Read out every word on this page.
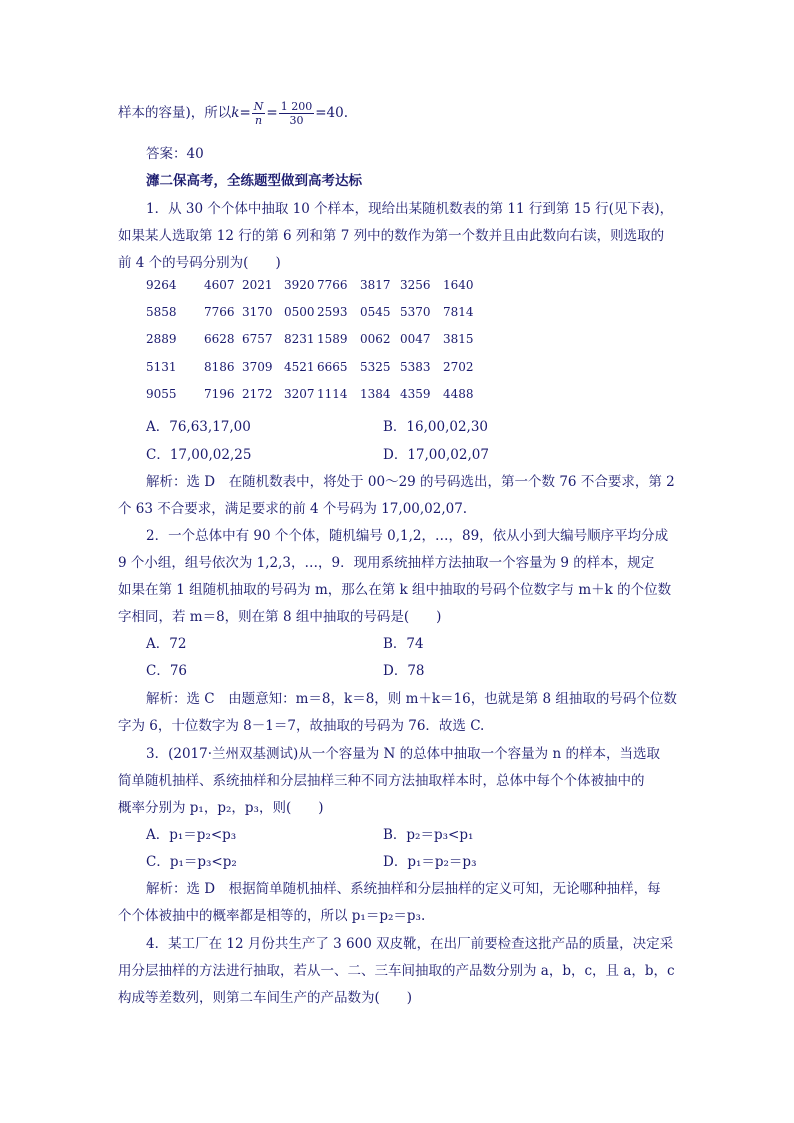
样本的容量)，所以$k= \frac{N}{n} = \frac{1 200}{30} =40$.
答案：40
灖二保高考，全练题型做到高考达标
1．从 30 个个体中抽取 10 个样本，现给出某随机数表的第 11 行到第 15 行(见下表)，
如果某人选取第 12 行的第 6 列和第 7 列中的数作为第一个数并且由此数向右读，则选取的
前 4 个的号码分别为(　　)
9264 4607 2021 3920 7766 3817 3256 1640
5858 7766 3170 0500 2593 0545 5370 7814
2889 6628 6757 8231 1589 0062 0047 3815
5131 8186 3709 4521 6665 5325 5383 2702
9055 7196 2172 3207 1114 1384 4359 4488
A．76,63,17,00	B．16,00,02,30
C．17,00,02,25	D．17,00,02,07
解析：选 D　在随机数表中，将处于 00～29 的号码选出，第一个数 76 不合要求，第 2
个 63 不合要求，满足要求的前 4 个号码为 17,00,02,07.
2．一个总体中有 90 个个体，随机编号 0,1,2，…，89，依从小到大编号顺序平均分成
9 个小组，组号依次为 1,2,3，…，9．现用系统抽样方法抽取一个容量为 9 的样本，规定
如果在第 1 组随机抽取的号码为 m，那么在第 k 组中抽取的号码个位数字与 m＋k 的个位数
字相同，若 m＝8，则在第 8 组中抽取的号码是(　　)
A．72	B．74
C．76	D．78
解析：选 C　由题意知：m＝8，k＝8，则 m＋k＝16，也就是第 8 组抽取的号码个位数
字为 6，十位数字为 8－1＝7，故抽取的号码为 76．故选 C.
3．(2017·兰州双基测试)从一个容量为 N 的总体中抽取一个容量为 n 的样本，当选取
简单随机抽样、系统抽样和分层抽样三种不同方法抽取样本时，总体中每个个体被抽中的
概率分别为 p₁，p₂，p₃，则(　　)
A．p₁＝p₂<p₃	B．p₂＝p₃<p₁
C．p₁＝p₃<p₂	D．p₁＝p₂＝p₃
解析：选 D　根据简单随机抽样、系统抽样和分层抽样的定义可知，无论哪种抽样，每
个个体被抽中的概率都是相等的，所以 p₁＝p₂＝p₃.
4．某工厂在 12 月份共生产了 3 600 双皮靴，在出厂前要检查这批产品的质量，决定采
用分层抽样的方法进行抽取，若从一、二、三车间抽取的产品数分别为 a，b，c，且 a，b，c
构成等差数列，则第二车间生产的产品数为(　　)
